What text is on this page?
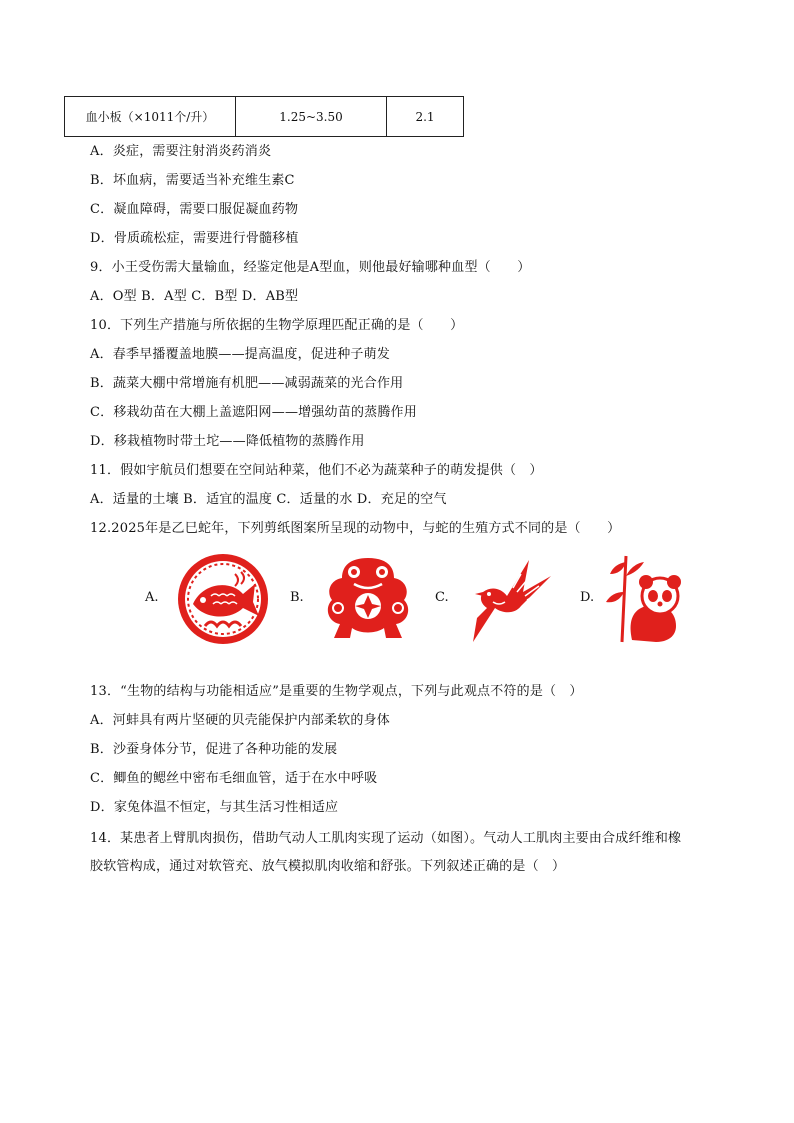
血小板（×1011个/升）	1.25~3.50	2.1
A．炎症，需要注射消炎药消炎
B．坏血病，需要适当补充维生素C
C．凝血障碍，需要口服促凝血药物
D．骨质疏松症，需要进行骨髓移植
9．小王受伤需大量输血，经鉴定他是A型血，则他最好输哪种血型（　　）
A．O型 B．A型 C．B型 D．AB型
10．下列生产措施与所依据的生物学原理匹配正确的是（　　）
A．春季早播覆盖地膜——提高温度，促进种子萌发
B．蔬菜大棚中常增施有机肥——减弱蔬菜的光合作用
C．移栽幼苗在大棚上盖遮阳网——增强幼苗的蒸腾作用
D．移栽植物时带土坨——降低植物的蒸腾作用
11．假如宇航员们想要在空间站种菜，他们不必为蔬菜种子的萌发提供（　）
A．适量的土壤 B．适宜的温度 C．适量的水 D．充足的空气
12.2025年是乙巳蛇年，下列剪纸图案所呈现的动物中，与蛇的生殖方式不同的是（　　）
A.	B.	C.	D.
13．“生物的结构与功能相适应”是重要的生物学观点，下列与此观点不符的是（　）
A．河蚌具有两片坚硬的贝壳能保护内部柔软的身体
B．沙蚕身体分节，促进了各种功能的发展
C．鲫鱼的鳃丝中密布毛细血管，适于在水中呼吸
D．家兔体温不恒定，与其生活习性相适应
14．某患者上臂肌肉损伤，借助气动人工肌肉实现了运动（如图）。气动人工肌肉主要由合成纤维和橡
胶软管构成，通过对软管充、放气模拟肌肉收缩和舒张。下列叙述正确的是（　）
